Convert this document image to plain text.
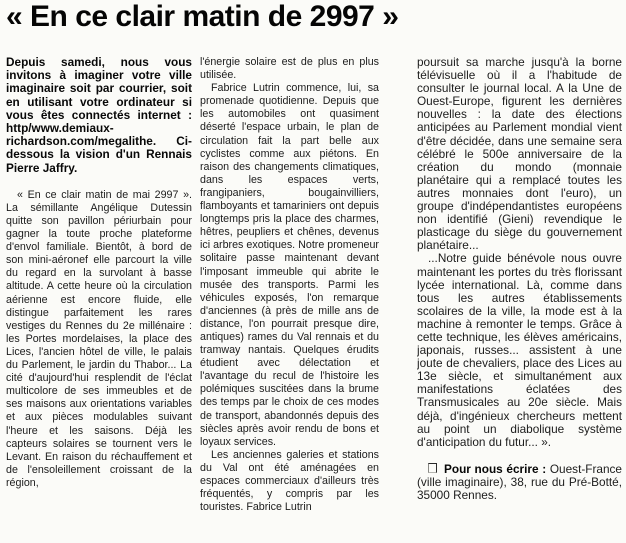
« En ce clair matin de 2997 »

Depuis samedi, nous vous invitons à imaginer votre ville imaginaire soit par courrier, soit en utilisant votre ordinateur si vous êtes connectés internet : http/www.demiaux-richardson.com/megalithe. Ci-dessous la vision d'un Rennais Pierre Jaffry.

« En ce clair matin de mai 2997 ». La sémillante Angélique Dutessin quitte son pavillon périurbain pour gagner la toute proche plateforme d'envol familiale. Bientôt, à bord de son mini-aéronef elle parcourt la ville du regard en la survolant à basse altitude. A cette heure où la circulation aérienne est encore fluide, elle distingue parfaitement les rares vestiges du Rennes du 2e millénaire : les Portes mordelaises, la place des Lices, l'ancien hôtel de ville, le palais du Parlement, le jardin du Thabor... La cité d'aujourd'hui resplendit de l'éclat multicolore de ses immeubles et de ses maisons aux orientations variables et aux pièces modulables suivant l'heure et les saisons. Déjà les capteurs solaires se tournent vers le Levant. En raison du réchauffement et de l'ensoleillement croissant de la région,

l'énergie solaire est de plus en plus utilisée.

Fabrice Lutrin commence, lui, sa promenade quotidienne. Depuis que les automobiles ont quasiment déserté l'espace urbain, le plan de circulation fait la part belle aux cyclistes comme aux piétons. En raison des changements climatiques, dans les espaces verts, frangipaniers, bougainvilliers, flamboyants et tamariniers ont depuis longtemps pris la place des charmes, hêtres, peupliers et chênes, devenus ici arbres exotiques. Notre promeneur solitaire passe maintenant devant l'imposant immeuble qui abrite le musée des transports. Parmi les véhicules exposés, l'on remarque d'anciennes (à près de mille ans de distance, l'on pourrait presque dire, antiques) rames du Val rennais et du tramway nantais. Quelques érudits étudient avec délectation et l'avantage du recul de l'histoire les polémiques suscitées dans la brume des temps par le choix de ces modes de transport, abandonnés depuis des siècles après avoir rendu de bons et loyaux services.

Les anciennes galeries et stations du Val ont été aménagées en espaces commerciaux d'ailleurs très fréquentés, y compris par les touristes. Fabrice Lutrin

poursuit sa marche jusqu'à la borne télévisuelle où il a l'habitude de consulter le journal local. A la Une de Ouest-Europe, figurent les dernières nouvelles : la date des élections anticipées au Parlement mondial vient d'être décidée, dans une semaine sera célébré le 500e anniversaire de la création du mondo (monnaie planétaire qui a remplacé toutes les autres monnaies dont l'euro), un groupe d'indépendantistes européens non identifié (Gieni) revendique le plasticage du siège du gouvernement planétaire...

...Notre guide bénévole nous ouvre maintenant les portes du très florissant lycée international. Là, comme dans tous les autres établissements scolaires de la ville, la mode est à la machine à remonter le temps. Grâce à cette technique, les élèves américains, japonais, russes... assistent à une joute de chevaliers, place des Lices au 13e siècle, et simultanément aux manifestations éclatées des Transmusicales au 20e siècle. Mais déjà, d'ingénieux chercheurs mettent au point un diabolique système d'anticipation du futur... ».

Pour nous écrire : Ouest-France (ville imaginaire), 38, rue du Pré-Botté, 35000 Rennes.
